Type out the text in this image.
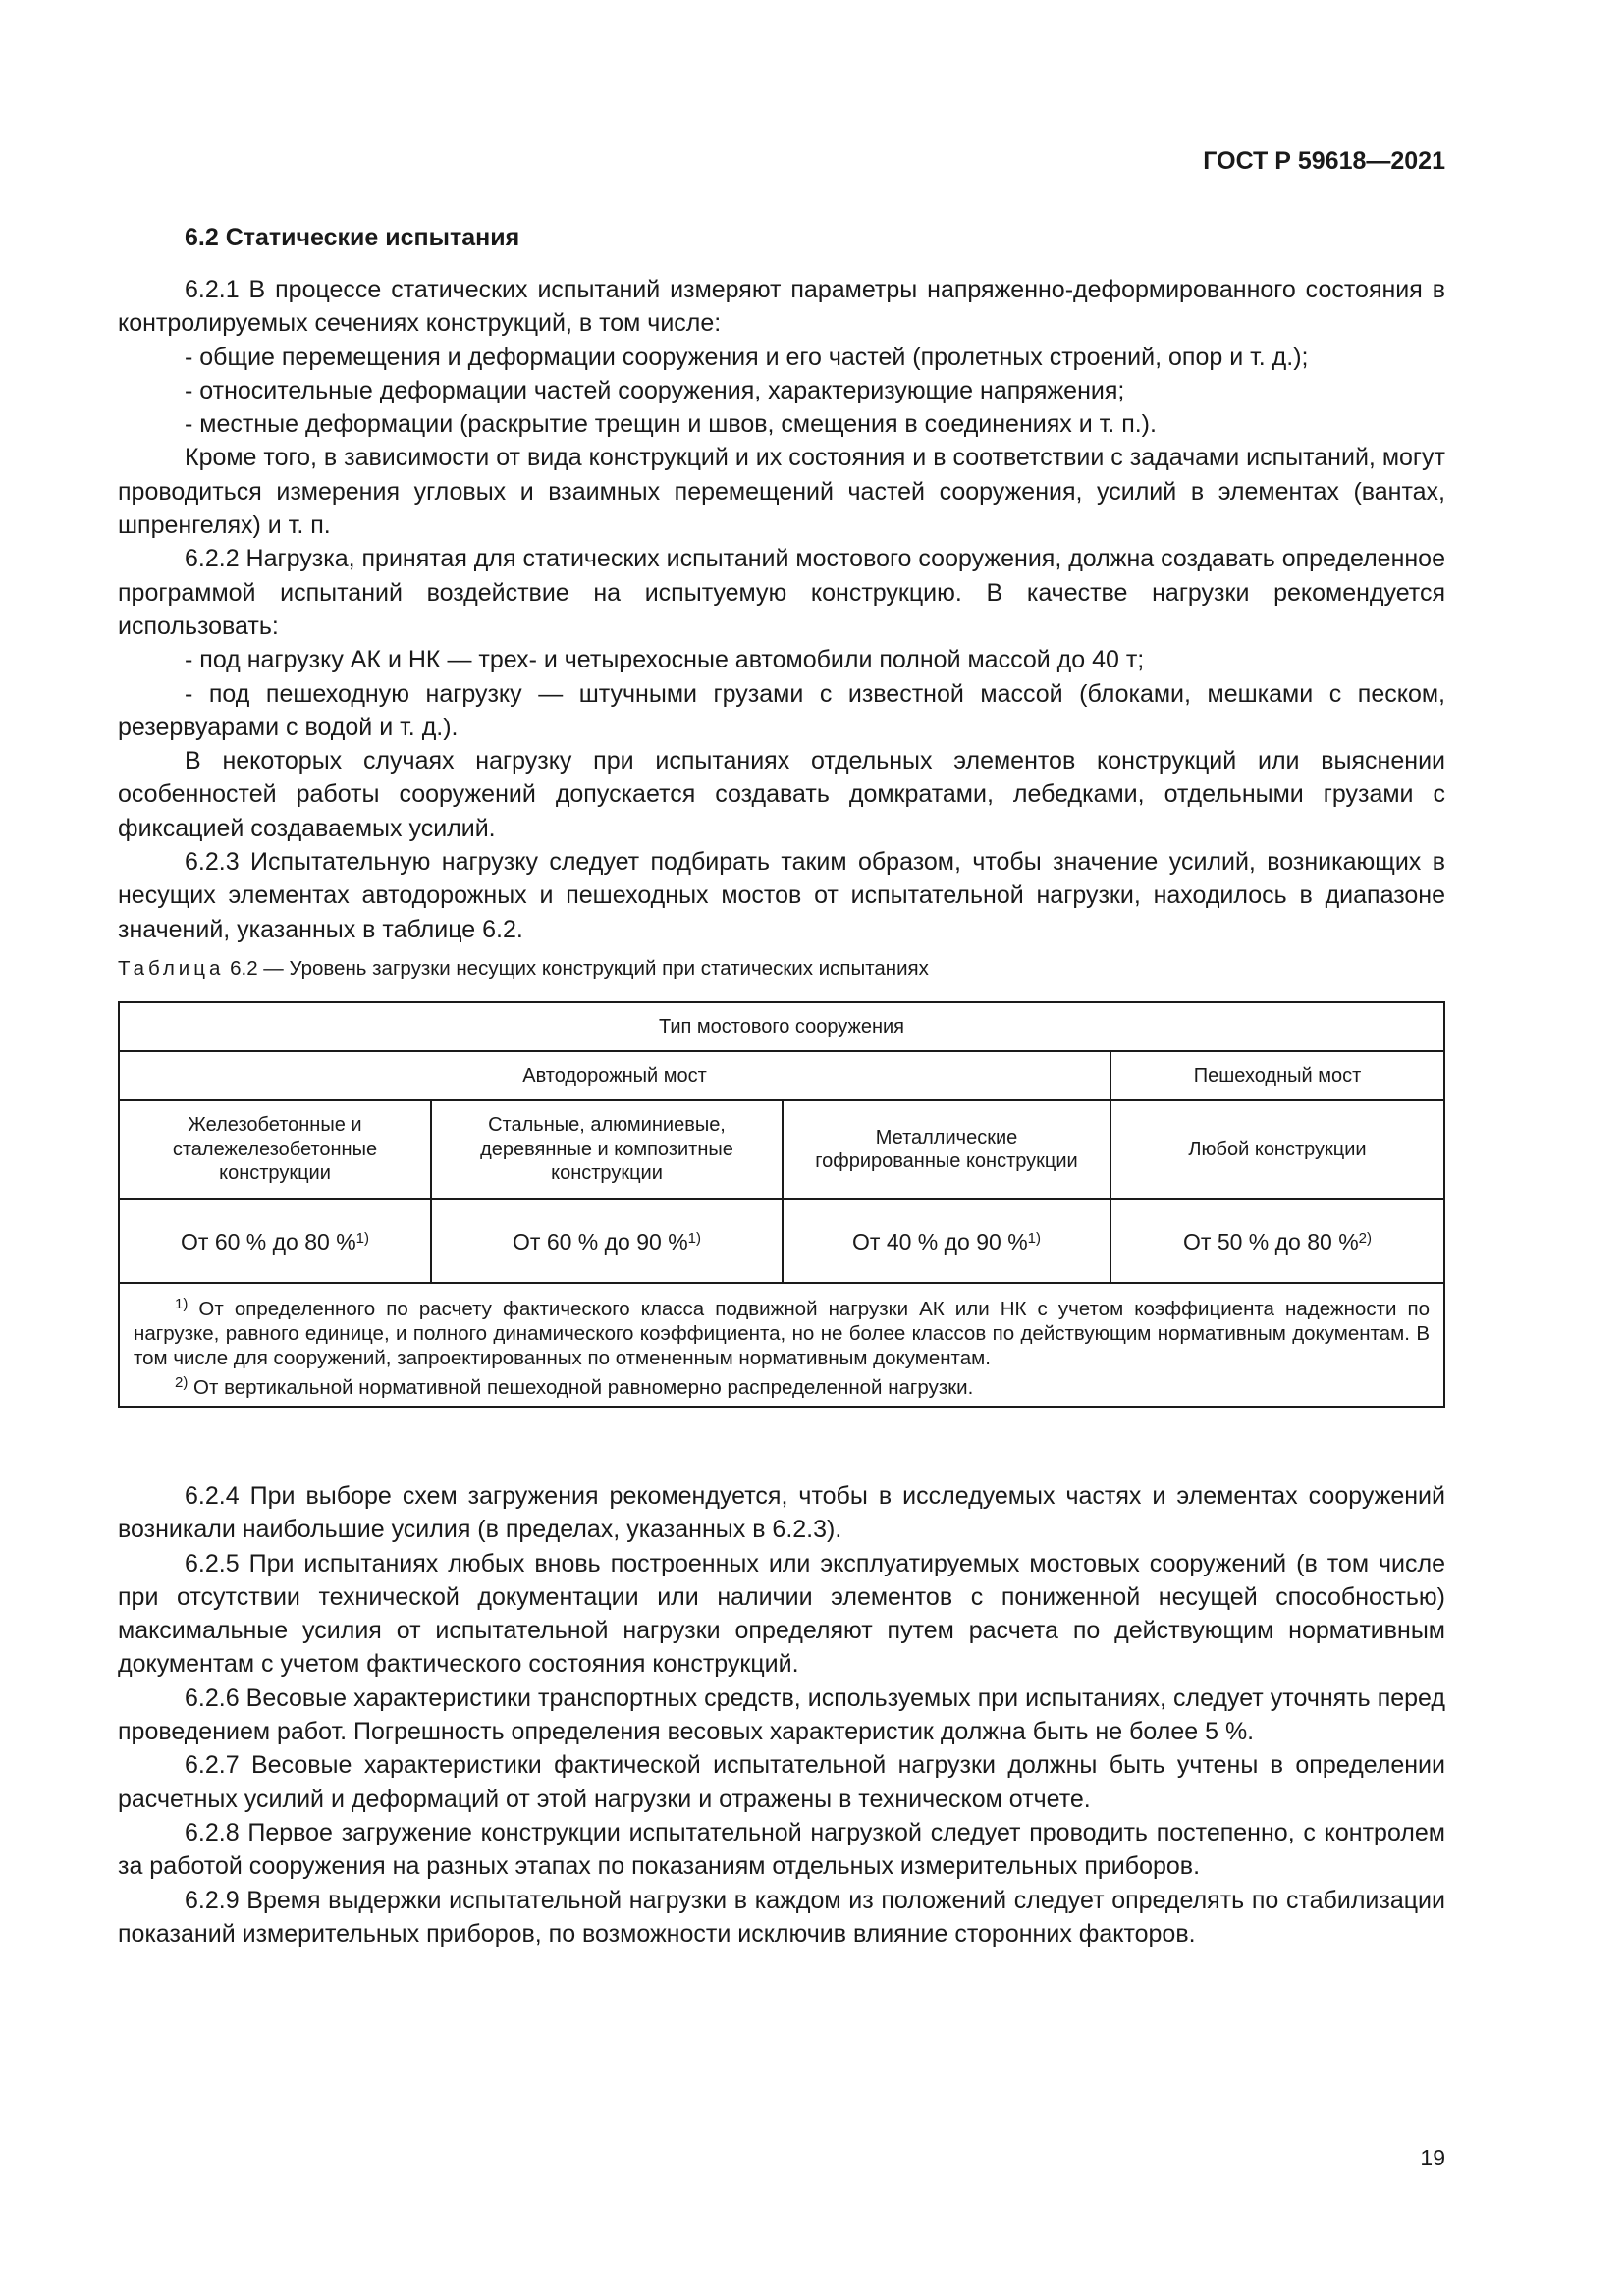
ГОСТ Р 59618—2021
6.2 Статические испытания

6.2.1 В процессе статических испытаний измеряют параметры напряженно-деформированного состояния в контролируемых сечениях конструкций, в том числе:

- общие перемещения и деформации сооружения и его частей (пролетных строений, опор и т. д.);

- относительные деформации частей сооружения, характеризующие напряжения;

- местные деформации (раскрытие трещин и швов, смещения в соединениях и т. п.).

Кроме того, в зависимости от вида конструкций и их состояния и в соответствии с задачами испытаний, могут проводиться измерения угловых и взаимных перемещений частей сооружения, усилий в элементах (вантах, шпренгелях) и т. п.

6.2.2 Нагрузка, принятая для статических испытаний мостового сооружения, должна создавать определенное программой испытаний воздействие на испытуемую конструкцию. В качестве нагрузки рекомендуется использовать:

- под нагрузку АК и НК — трех- и четырехосные автомобили полной массой до 40 т;

- под пешеходную нагрузку — штучными грузами с известной массой (блоками, мешками с песком, резервуарами с водой и т. д.).

В некоторых случаях нагрузку при испытаниях отдельных элементов конструкций или выяснении особенностей работы сооружений допускается создавать домкратами, лебедками, отдельными грузами с фиксацией создаваемых усилий.

6.2.3 Испытательную нагрузку следует подбирать таким образом, чтобы значение усилий, возникающих в несущих элементах автодорожных и пешеходных мостов от испытательной нагрузки, находилось в диапазоне значений, указанных в таблице 6.2.

Таблица 6.2 — Уровень загрузки несущих конструкций при статических испытаниях
Тип мостового сооружения			
Автодорожный мост			Пешеходный мост
Железобетонные и
сталежелезобетонные
конструкции	Стальные, алюминиевые,
деревянные и композитные
конструкции	Металлические
гофрированные конструкции	Любой конструкции
От 60 % до 80 %$^{1)}$	От 60 % до 90 %$^{1)}$	От 40 % до 90 %$^{1)}$	От 50 % до 80 %$^{2)}$

$^{1)}$ От определенного по расчету фактического класса подвижной нагрузки АК или НК с учетом коэффициента надежности по нагрузке, равного единице, и полного динамического коэффициента, но не более классов по действующим нормативным документам. В том числе для сооружений, запроектированных по отмененным нормативным документам.

$^{2)}$ От вертикальной нормативной пешеходной равномерно распределенной нагрузки.			

6.2.4 При выборе схем загружения рекомендуется, чтобы в исследуемых частях и элементах сооружений возникали наибольшие усилия (в пределах, указанных в 6.2.3).

6.2.5 При испытаниях любых вновь построенных или эксплуатируемых мостовых сооружений (в том числе при отсутствии технической документации или наличии элементов с пониженной несущей способностью) максимальные усилия от испытательной нагрузки определяют путем расчета по действующим нормативным документам с учетом фактического состояния конструкций.

6.2.6 Весовые характеристики транспортных средств, используемых при испытаниях, следует уточнять перед проведением работ. Погрешность определения весовых характеристик должна быть не более 5 %.

6.2.7 Весовые характеристики фактической испытательной нагрузки должны быть учтены в определении расчетных усилий и деформаций от этой нагрузки и отражены в техническом отчете.

6.2.8 Первое загружение конструкции испытательной нагрузкой следует проводить постепенно, с контролем за работой сооружения на разных этапах по показаниям отдельных измерительных приборов.

6.2.9 Время выдержки испытательной нагрузки в каждом из положений следует определять по стабилизации показаний измерительных приборов, по возможности исключив влияние сторонних факторов.

19
